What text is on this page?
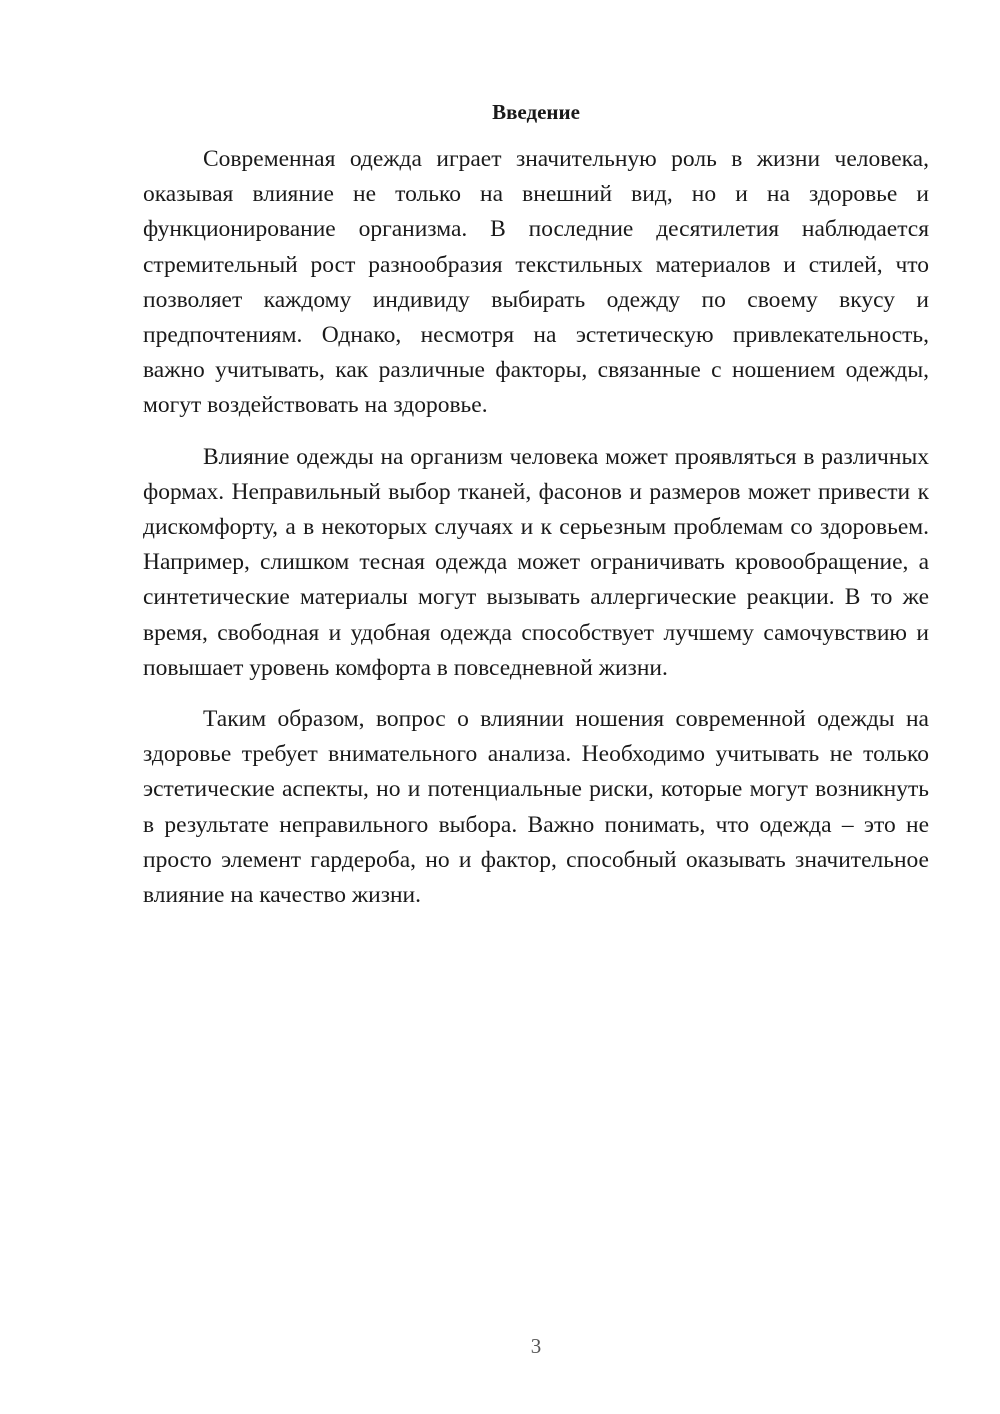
Введение

Современная одежда играет значительную роль в жизни человека, оказывая влияние не только на внешний вид, но и на здоровье и функционирование организма. В последние десятилетия наблюдается стремительный рост разнообразия текстильных материалов и стилей, что позволяет каждому индивиду выбирать одежду по своему вкусу и предпочтениям. Однако, несмотря на эстетическую привлекательность, важно учитывать, как различные факторы, связанные с ношением одежды, могут воздействовать на здоровье.

Влияние одежды на организм человека может проявляться в различных формах. Неправильный выбор тканей, фасонов и размеров может привести к дискомфорту, а в некоторых случаях и к серьезным проблемам со здоровьем. Например, слишком тесная одежда может ограничивать кровообращение, а синтетические материалы могут вызывать аллергические реакции. В то же время, свободная и удобная одежда способствует лучшему самочувствию и повышает уровень комфорта в повседневной жизни.

Таким образом, вопрос о влиянии ношения современной одежды на здоровье требует внимательного анализа. Необходимо учитывать не только эстетические аспекты, но и потенциальные риски, которые могут возникнуть в результате неправильного выбора. Важно понимать, что одежда – это не просто элемент гардероба, но и фактор, способный оказывать значительное влияние на качество жизни.

3
